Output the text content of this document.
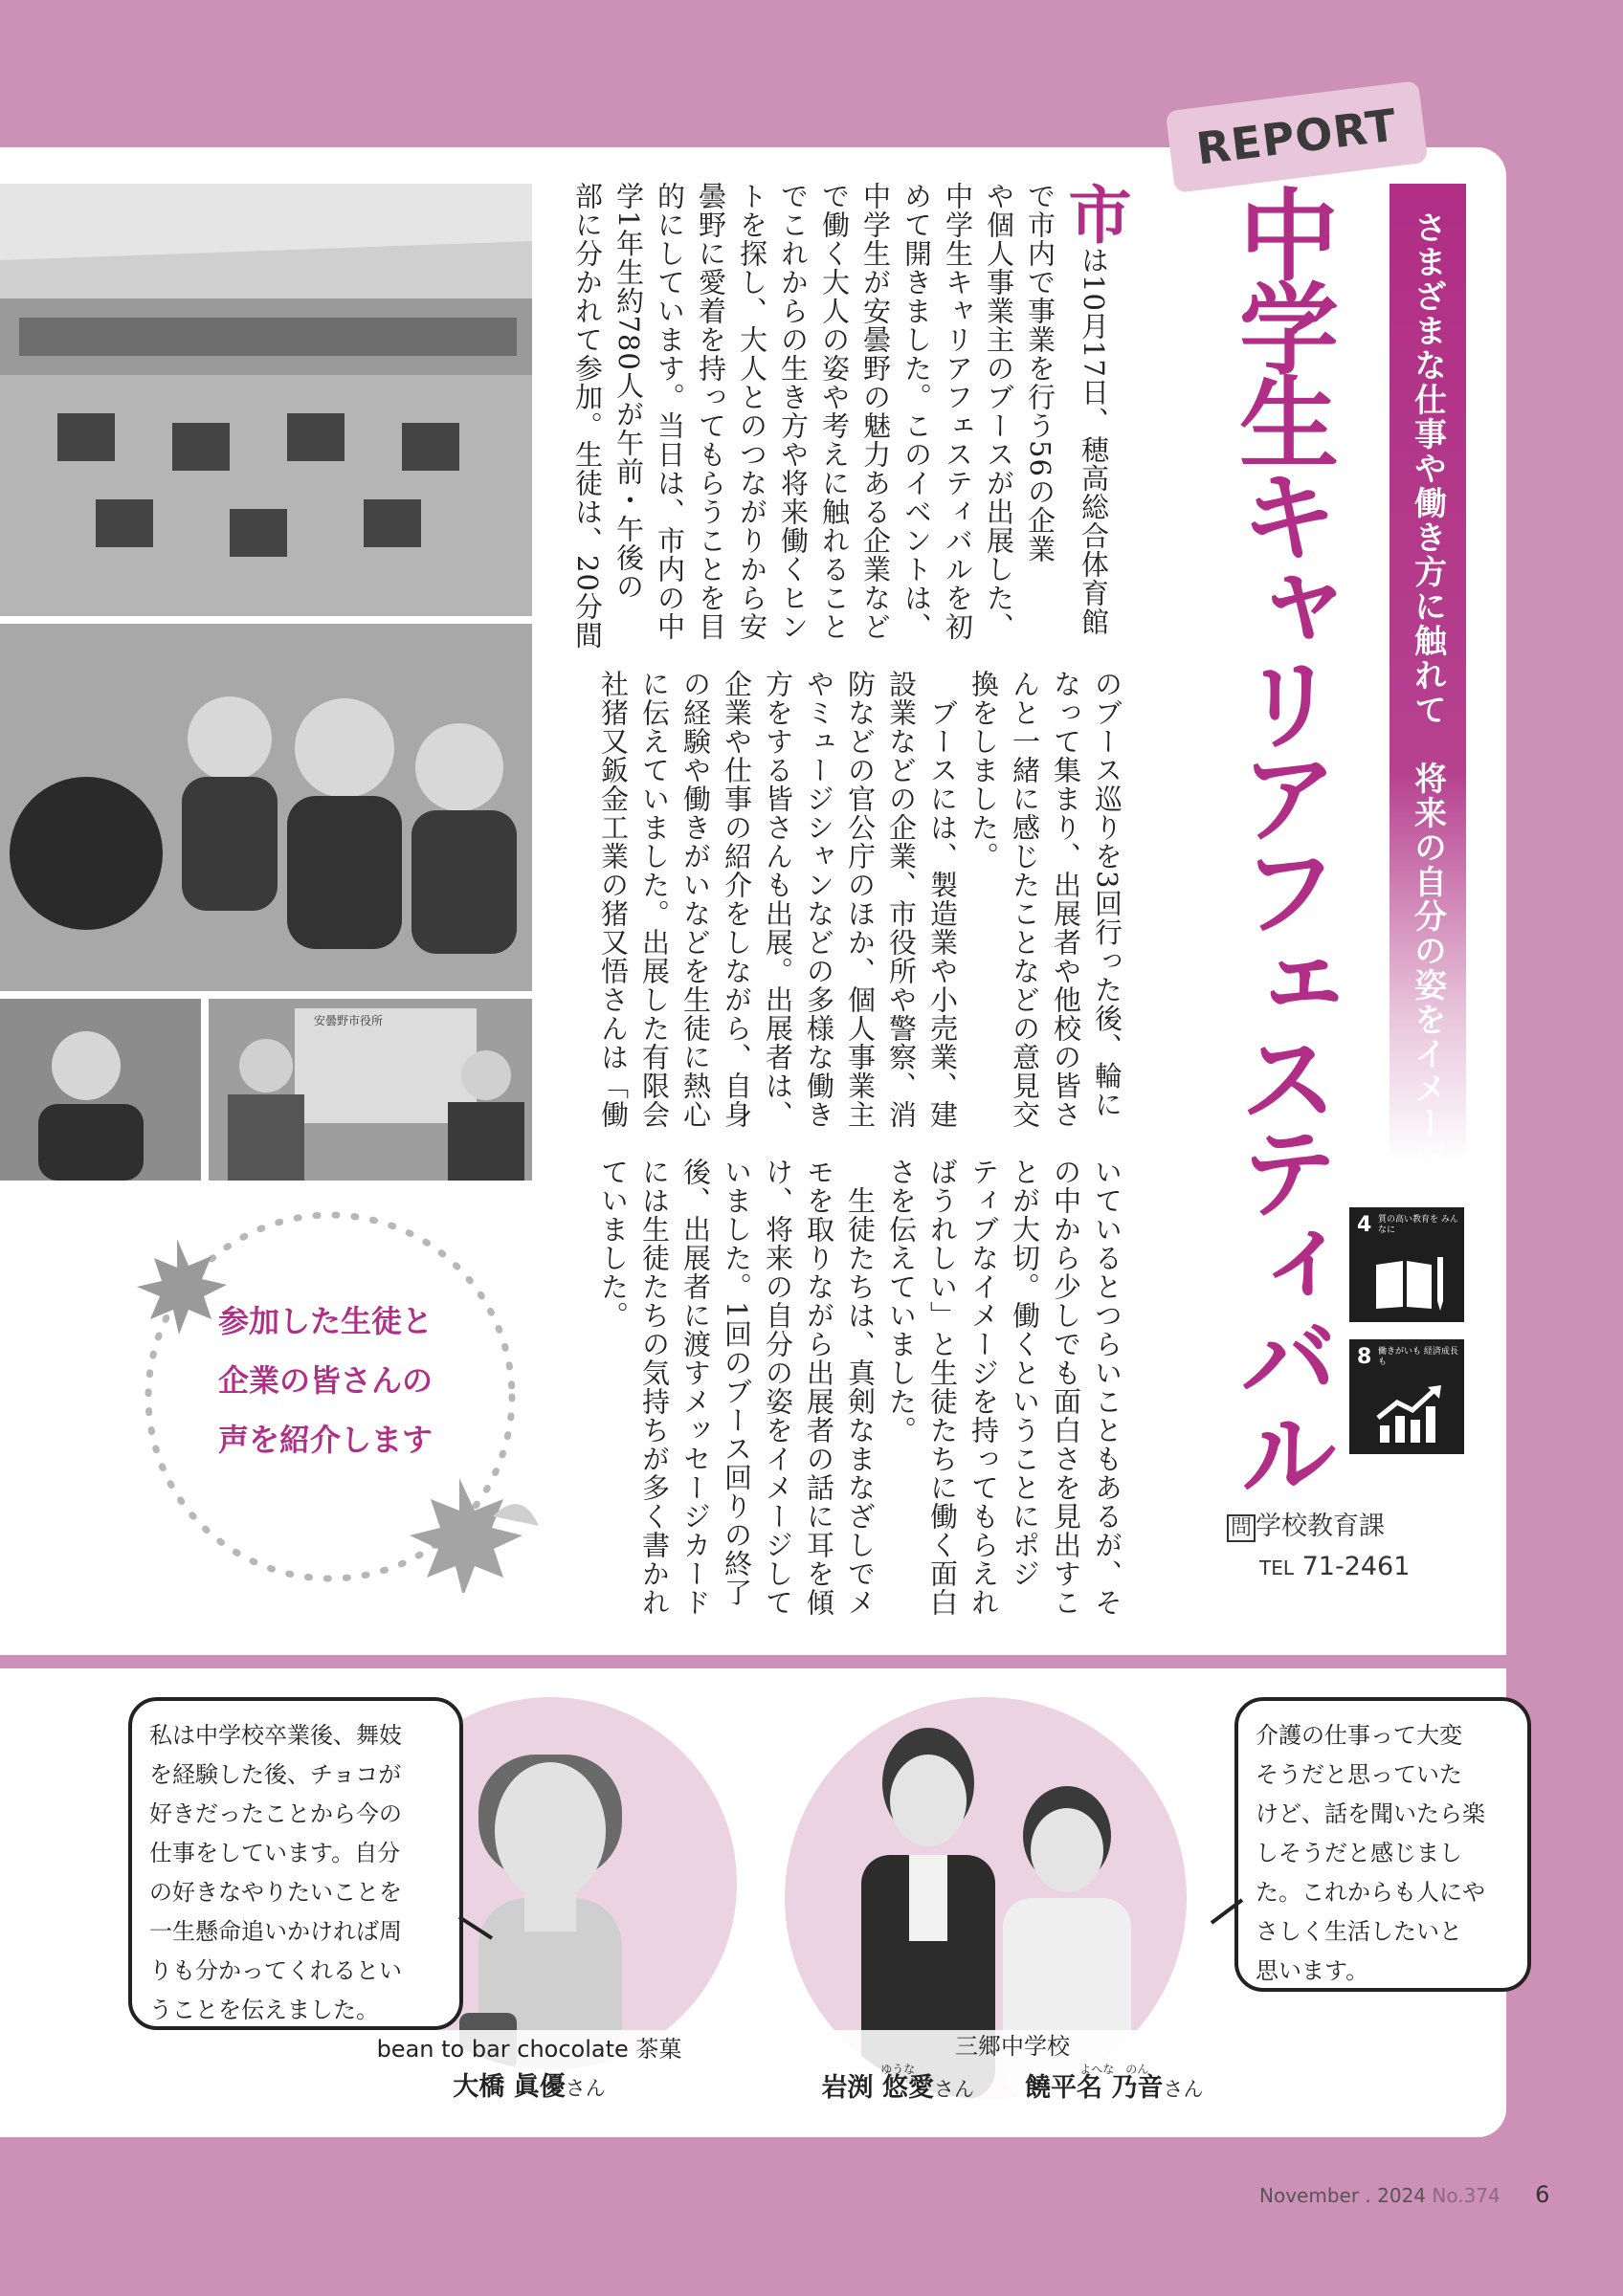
REPORT
さまざまな仕事や働き方に触れて　将来の自分の姿をイメージ
中学生キャリアフェスティバル 4 質の高い教育を みんなに
8 働きがいも 経済成長も
問 学校教育課
TEL 71-2461
市は10月17日、穂高総合体育館
で市内で事業を行う56の企業
や個人事業主のブースが出展した、
中学生キャリアフェスティバルを初
めて開きました。このイベントは、
中学生が安曇野の魅力ある企業など
で働く大人の姿や考えに触れること
でこれからの生き方や将来働くヒン
トを探し、大人とのつながりから安
曇野に愛着を持ってもらうことを目
的にしています。当日は、市内の中
学1年生約780人が午前・午後の
部に分かれて参加。生徒は、20分間
のブース巡りを3回行った後、輪に
なって集まり、出展者や他校の皆さ
んと一緒に感じたことなどの意見交
換をしました。
　ブースには、製造業や小売業、建
設業などの企業、市役所や警察、消
防などの官公庁のほか、個人事業主
やミュージシャンなどの多様な働き
方をする皆さんも出展。出展者は、
企業や仕事の紹介をしながら、自身
の経験や働きがいなどを生徒に熱心
に伝えていました。出展した有限会
社猪又鈑金工業の猪又悟さんは「働
いているとつらいこともあるが、そ
の中から少しでも面白さを見出すこ
とが大切。働くということにポジ
ティブなイメージを持ってもらえれ
ばうれしい」と生徒たちに働く面白
さを伝えていました。
　生徒たちは、真剣なまなざしでメ
モを取りながら出展者の話に耳を傾
け、将来の自分の姿をイメージして
いました。1回のブース回りの終了
後、出展者に渡すメッセージカード
には生徒たちの気持ちが多く書かれ
ていました。
安曇野市役所
参加した生徒と
企業の皆さんの
声を紹介します
私は中学校卒業後、舞妓
を経験した後、チョコが
好きだったことから今の
仕事をしています。自分
の好きなやりたいことを
一生懸命追いかければ周
りも分かってくれるとい
うことを伝えました。
介護の仕事って大変
そうだと思っていた
けど、話を聞いたら楽
しそうだと感じまし
た。これからも人にや
さしく生活したいと
思います。
bean to bar chocolate 茶菓
大橋 眞優さん
三郷中学校
ゆうな
岩渕 悠愛さん
よへな　のん
饒平名 乃音さん
November . 2024 No.374 6
